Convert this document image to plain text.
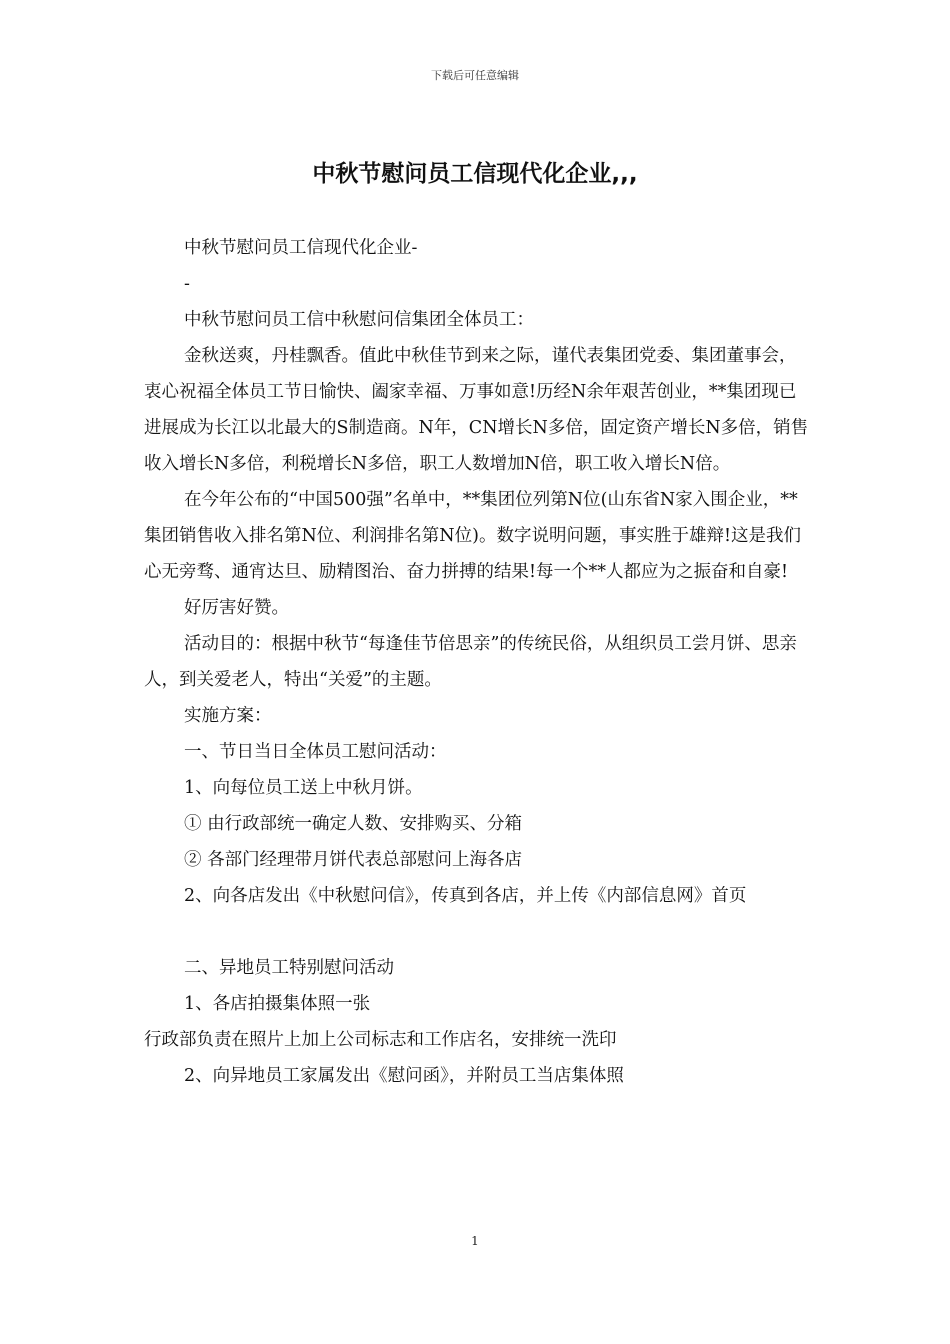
下载后可任意编辑
中秋节慰问员工信现代化企业,,,

中秋节慰问员工信现代化企业-

-

中秋节慰问员工信中秋慰问信集团全体员工：

金秋送爽，丹桂飘香。值此中秋佳节到来之际，谨代表集团党委、集团董事会，衷心祝福全体员工节日愉快、阖家幸福、万事如意!历经N余年艰苦创业，**集团现已进展成为长江以北最大的S制造商。N年，CN增长N多倍，固定资产增长N多倍，销售收入增长N多倍，利税增长N多倍，职工人数增加N倍，职工收入增长N倍。

在今年公布的“中国500强”名单中，**集团位列第N位(山东省N家入围企业，**集团销售收入排名第N位、利润排名第N位)。数字说明问题，事实胜于雄辩!这是我们心无旁骛、通宵达旦、励精图治、奋力拼搏的结果!每一个**人都应为之振奋和自豪!

好厉害好赞。

活动目的：根据中秋节“每逢佳节倍思亲”的传统民俗，从组织员工尝月饼、思亲人，到关爱老人，特出“关爱”的主题。

实施方案：

一、节日当日全体员工慰问活动：

1、向每位员工送上中秋月饼。

① 由行政部统一确定人数、安排购买、分箱

② 各部门经理带月饼代表总部慰问上海各店

2、向各店发出《中秋慰问信》，传真到各店，并上传《内部信息网》首页

二、异地员工特别慰问活动

1、各店拍摄集体照一张

行政部负责在照片上加上公司标志和工作店名，安排统一洗印

2、向异地员工家属发出《慰问函》，并附员工当店集体照

1
